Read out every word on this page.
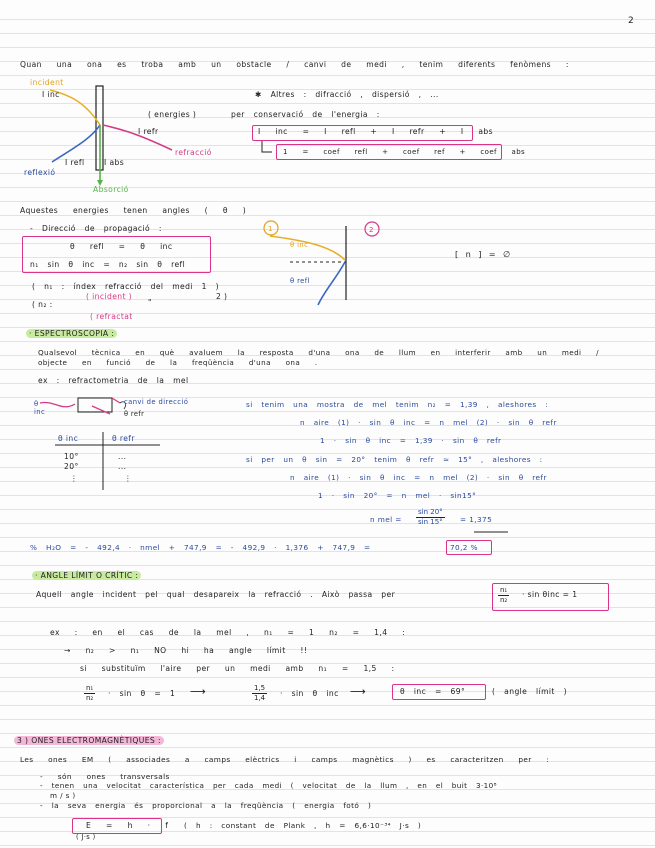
2
Quan una ona es troba amb un obstacle / canvi de medi , tenim diferents fenòmens :
incident
I inc
( energies )
I refr
refracció
I refl	I abs
reflexió
Absorció
✱ Altres : difracció , dispersió , ...
per conservació de l'energia :
I inc = I refl + I refr + I abs
1 = coef refl + coef ref + coef abs
Aquestes energies tenen angles ( θ )
- Direcció de propagació :
θ refl = θ inc
n₁ sin θ inc = n₂ sin θ refl
( n₁ : índex refracció del medi 1 )
( incident )	2 )
( n₂ :	"
( refractat
1	2
θ inc
θ refl
[ n ] = ∅
· ESPECTROSCOPIA :
Qualsevol tècnica en què avaluem la resposta d'una ona de llum en interferir amb un medi /
objecte en funció de la freqüència d'una ona .
ex : refractometria de la mel
θ inc
canvi de direcció
θ refr
θ inc	θ refr
10°	...
20°	...
⋮	⋮
si tenim una mostra de mel tenim n₂ = 1,39 , aleshores :
n aire (1) · sin θ inc = n mel (2) · sin θ refr
1 · sin θ inc = 1,39 · sin θ refr
si per un θ sin = 20° tenim θ refr ≃ 15° , aleshores :
n aire (1) · sin θ inc = n mel (2) · sin θ refr
1 · sin 20° = n mel · sin15°
n mel = $\frac{\sin 20^\circ}{\sin 15^\circ} = 1,375$
% H₂O = - 492,4 · nmel + 747,9 = - 492,9 · 1,376 + 747,9 =	70,2 %
· ANGLE LÍMIT O CRÍTIC :
Aquell angle incident pel qual desapareix la refracció . Això passa per	$\frac{\text{n₁}}{\text{n₂}} \cdot \sin \theta inc = 1$
ex : en el cas de la mel , n₁ = 1 n₂ = 1,4 :
→ n₂ > n₁ NO hi ha angle límit !!
si substituïm l'aire per un medi amb n₁ = 1,5 :
$\frac{\text{n₁}}{\text{n₂}} \cdot \sin \theta = 1$ ⟶	$\frac{1,5}{1,4} \cdot \sin \theta$ inc ⟶	θ inc = 69°	( angle límit )
3 ) ONES ELECTROMAGNÈTIQUES :
Les ones EM ( associades a camps elèctrics i camps magnètics ) es caracteritzen per :
- són ones transversals
- tenen una velocitat característica per cada medi ( velocitat de la llum , en el buit 3·10⁸
m / s )
- la seva energia és proporcional a la freqüència ( energia fotó )
E = h · f
( J·s )
( h : constant de Plank , h = 6,6·10⁻³⁴ J·s )
